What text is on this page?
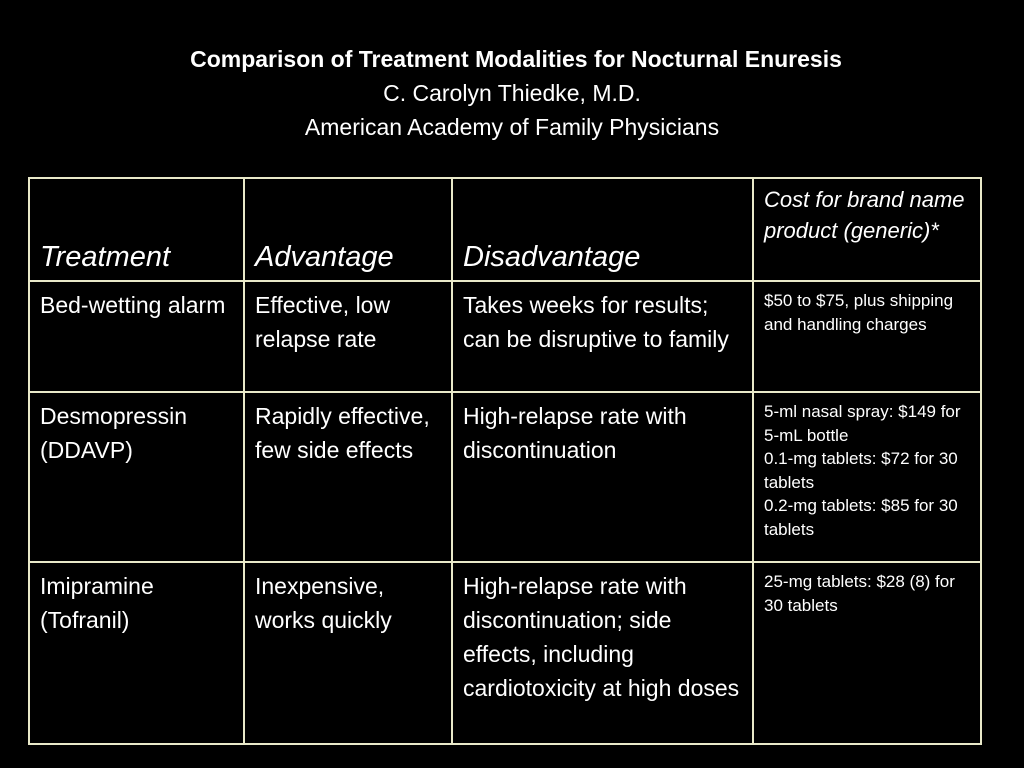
Comparison of Treatment Modalities for Nocturnal Enuresis
C. Carolyn Thiedke, M.D.
American Academy of Family Physicians
Treatment	Advantage	Disadvantage	Cost for brand name product (generic)*
Bed-wetting alarm	Effective, low relapse rate	Takes weeks for results; can be disruptive to family	$50 to $75, plus shipping and handling charges

Desmopressin (DDAVP)	Rapidly effective, few side effects	High-relapse rate with discontinuation	5-ml nasal spray: $149 for 5-mL bottle
0.1-mg tablets: $72 for 30 tablets
0.2-mg tablets: $85 for 30 tablets

Imipramine (Tofranil)	Inexpensive, works quickly	High-relapse rate with discontinuation; side effects, including cardiotoxicity at high doses	25-mg tablets: $28 (8) for 30 tablets
